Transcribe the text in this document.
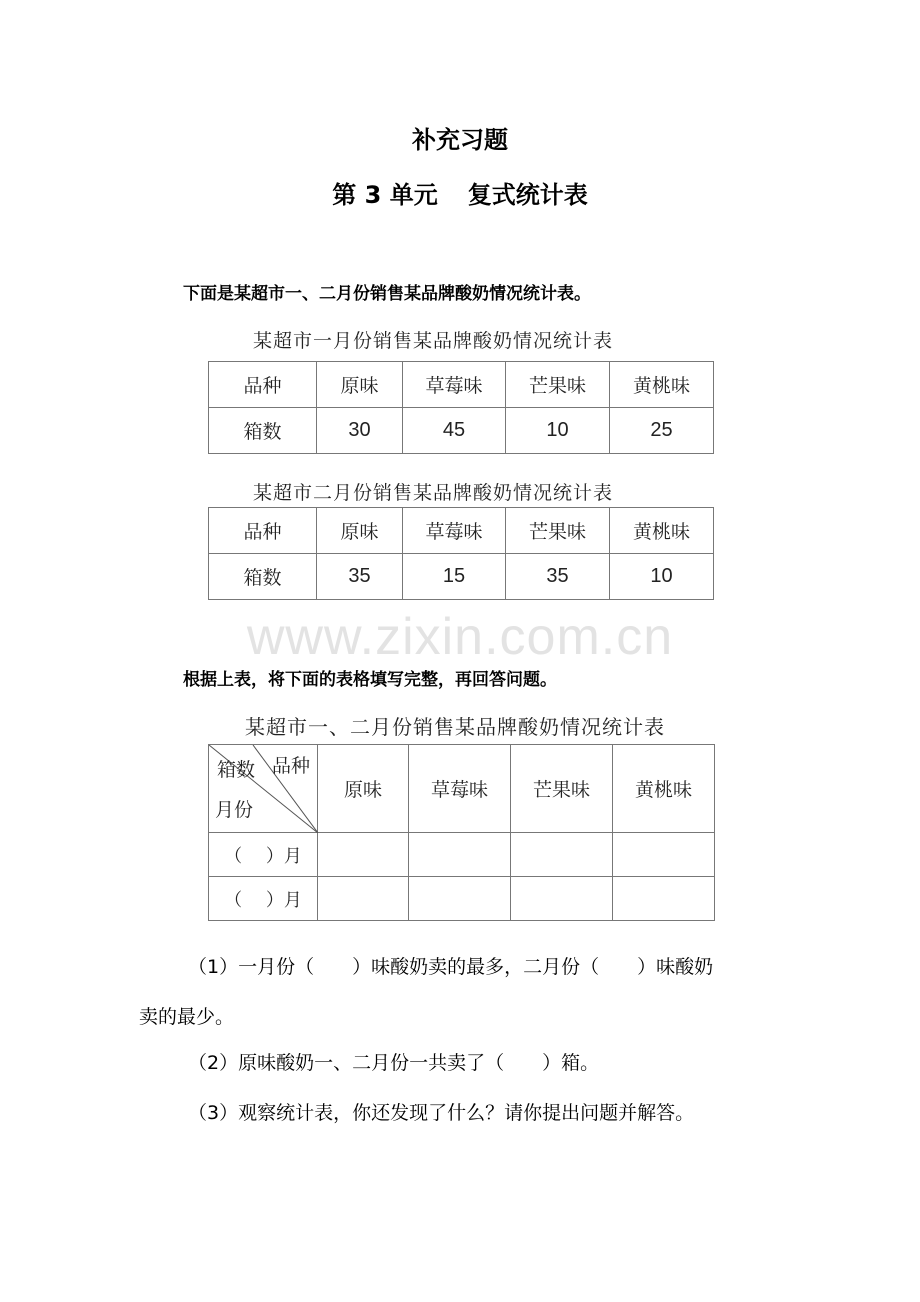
补充习题
第 3 单元 复式统计表
下面是某超市一、二月份销售某品牌酸奶情况统计表。
某超市一月份销售某品牌酸奶情况统计表
品种	原味	草莓味	芒果味	黄桃味
箱数	30	45	10	25
某超市二月份销售某品牌酸奶情况统计表
品种	原味	草莓味	芒果味	黄桃味
箱数	35	15	35	10
www.zixin.com.cn
根据上表，将下面的表格填写完整，再回答问题。
某超市一、二月份销售某品牌酸奶情况统计表
箱数 品种
月份	原味	草莓味	芒果味	黄桃味
（　 ）月				
（　 ）月				
（1）一月份（　　）味酸奶卖的最多，二月份（　　）味酸奶
卖的最少。
（2）原味酸奶一、二月份一共卖了（　　）箱。
（3）观察统计表，你还发现了什么？请你提出问题并解答。
